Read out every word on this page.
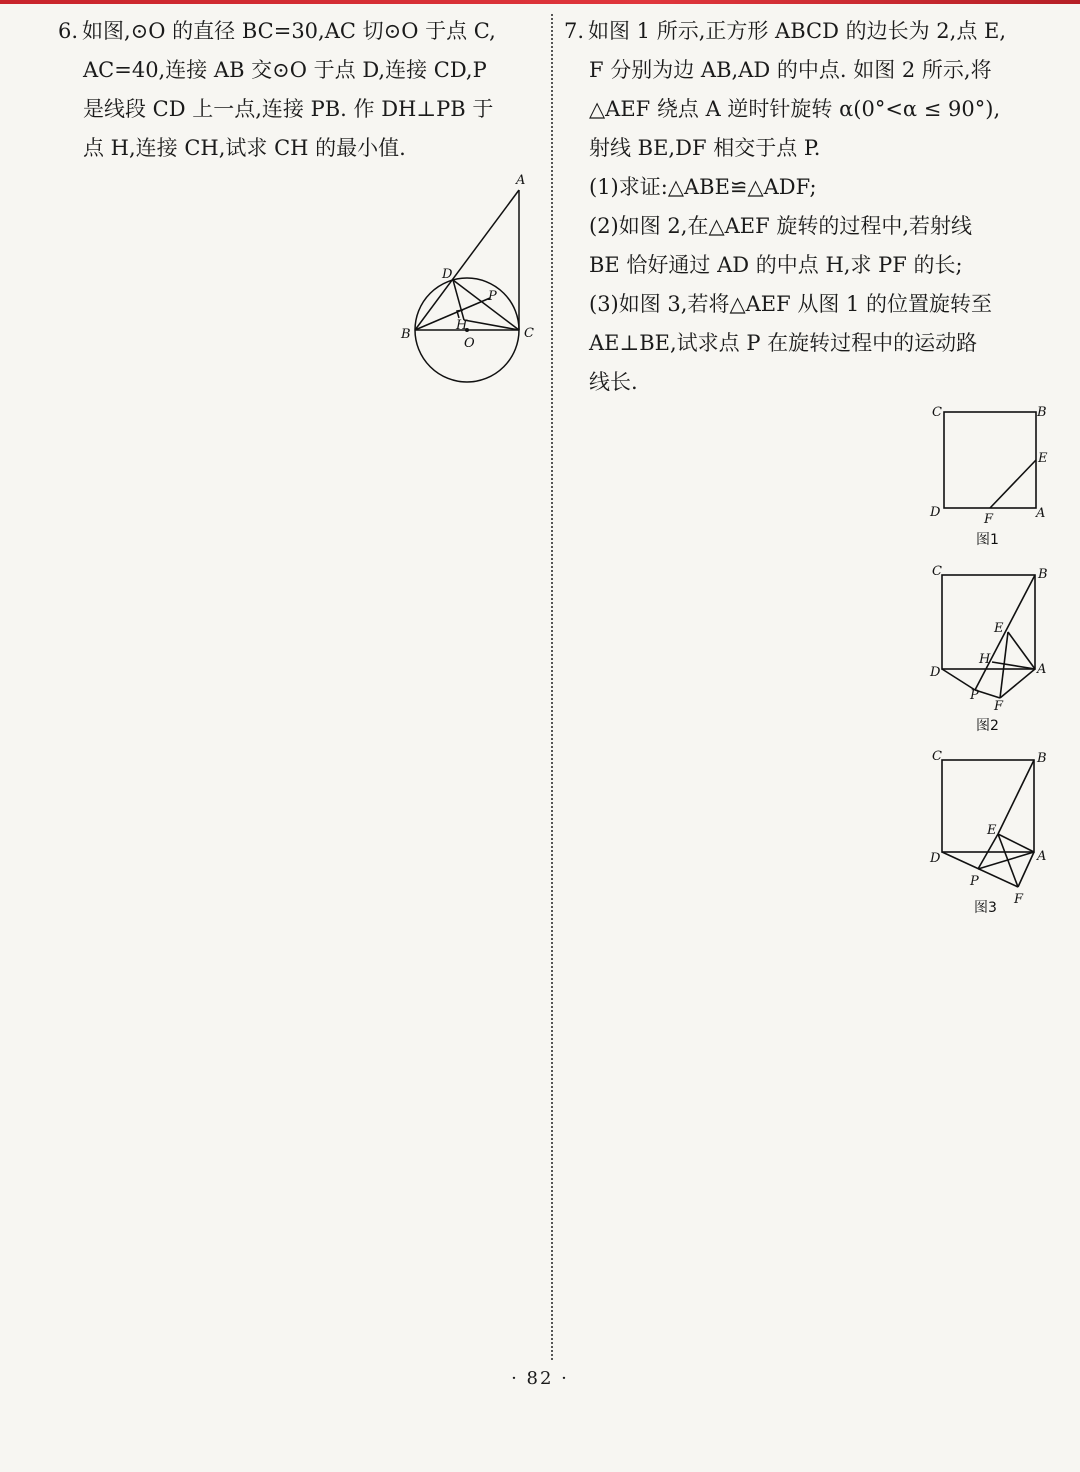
6. 如图,⊙O 的直径 BC=30,AC 切⊙O 于点 C,

AC=40,连接 AB 交⊙O 于点 D,连接 CD,P

是线段 CD 上一点,连接 PB. 作 DH⊥PB 于

点 H,连接 CH,试求 CH 的最小值.

A
B	C
D
P
H
O

7. 如图 1 所示,正方形 ABCD 的边长为 2,点 E,

F 分别为边 AB,AD 的中点. 如图 2 所示,将

△AEF 绕点 A 逆时针旋转 α(0°<α ≤ 90°),

射线 BE,DF 相交于点 P.

(1)求证:△ABE≌△ADF;

(2)如图 2,在△AEF 旋转的过程中,若射线

BE 恰好通过 AD 的中点 H,求 PF 的长;

(3)如图 3,若将△AEF 从图 1 的位置旋转至

AE⊥BE,试求点 P 在旋转过程中的运动路

线长.

C	B
E
D	F	A
图1
C	B
E
H
D	A
P
F
图2
C	B
E
D	A
P
F
图3
· 82 ·
